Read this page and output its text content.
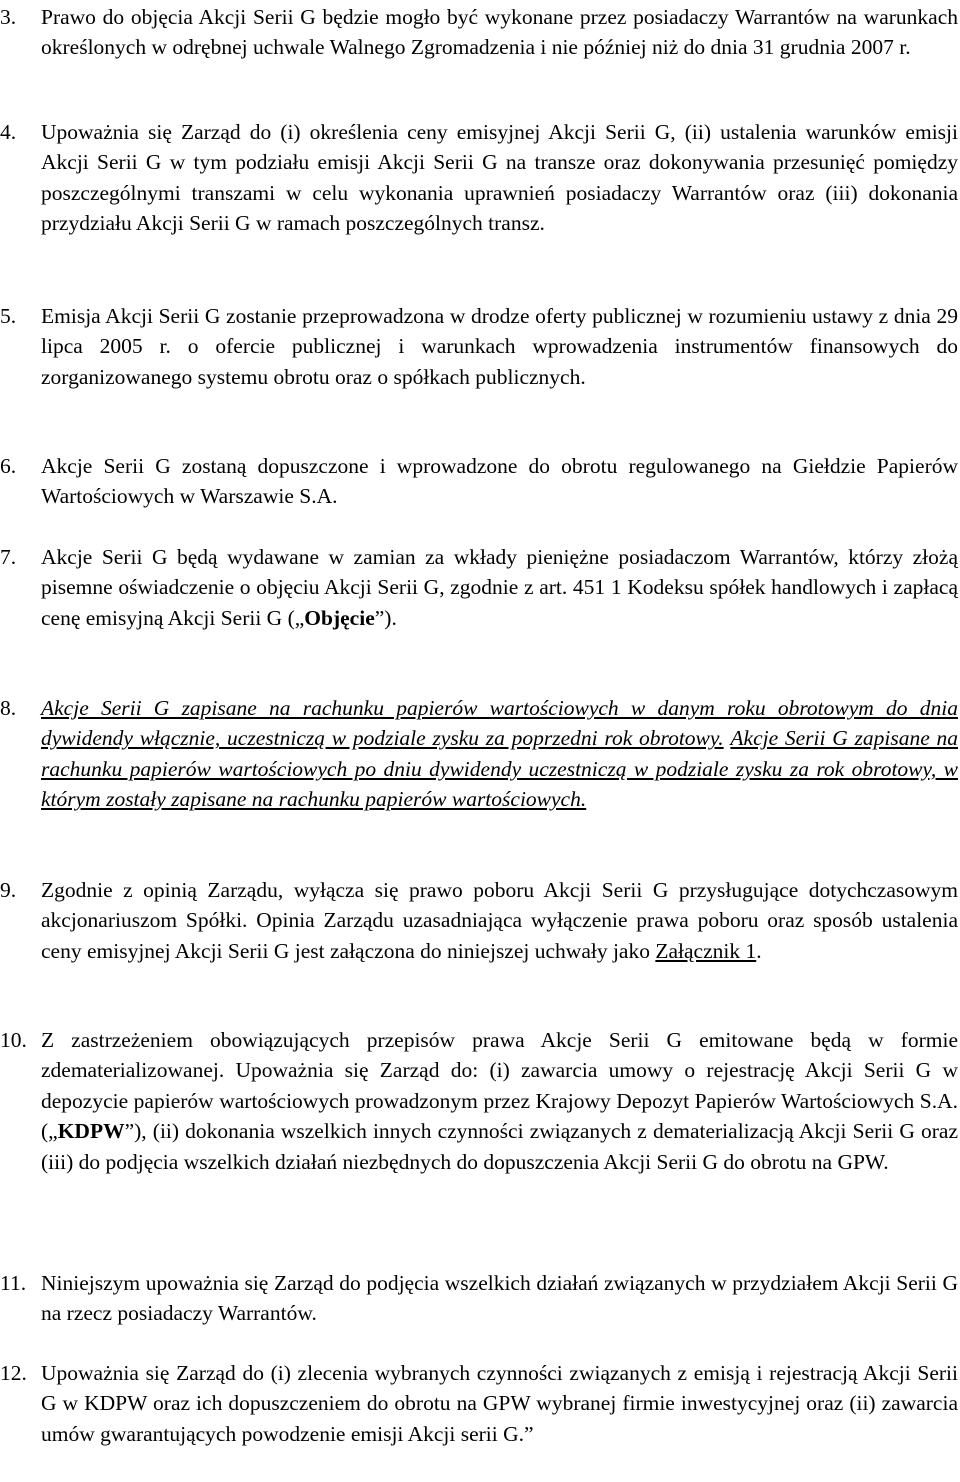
3.	Prawo do objęcia Akcji Serii G będzie mogło być wykonane przez posiadaczy Warrantów na warunkach określonych w odrębnej uchwale Walnego Zgromadzenia i nie później niż do dnia 31 grudnia 2007 r.
4.	Upoważnia się Zarząd do (i) określenia ceny emisyjnej Akcji Serii G, (ii) ustalenia warunków emisji Akcji Serii G w tym podziału emisji Akcji Serii G na transze oraz dokonywania przesunięć pomiędzy poszczególnymi transzami w celu wykonania uprawnień posiadaczy Warrantów oraz (iii) dokonania przydziału Akcji Serii G w ramach poszczególnych transz.
5.	Emisja Akcji Serii G zostanie przeprowadzona w drodze oferty publicznej w rozumieniu ustawy z dnia 29 lipca 2005 r. o ofercie publicznej i warunkach wprowadzenia instrumentów finansowych do zorganizowanego systemu obrotu oraz o spółkach publicznych.
6.	Akcje Serii G zostaną dopuszczone i wprowadzone do obrotu regulowanego na Giełdzie Papierów Wartościowych w Warszawie S.A.
7.	Akcje Serii G będą wydawane w zamian za wkłady pieniężne posiadaczom Warrantów, którzy złożą pisemne oświadczenie o objęciu Akcji Serii G, zgodnie z art. 451 1 Kodeksu spółek handlowych i zapłacą cenę emisyjną Akcji Serii G („Objęcie”).
8.	Akcje Serii G zapisane na rachunku papierów wartościowych w danym roku obrotowym do dnia dywidendy włącznie, uczestniczą w podziale zysku za poprzedni rok obrotowy. Akcje Serii G zapisane na rachunku papierów wartościowych po dniu dywidendy uczestniczą w podziale zysku za rok obrotowy, w którym zostały zapisane na rachunku papierów wartościowych.
9.	Zgodnie z opinią Zarządu, wyłącza się prawo poboru Akcji Serii G przysługujące dotychczasowym akcjonariuszom Spółki. Opinia Zarządu uzasadniająca wyłączenie prawa poboru oraz sposób ustalenia ceny emisyjnej Akcji Serii G jest załączona do niniejszej uchwały jako Załącznik 1.
10. Z zastrzeżeniem obowiązujących przepisów prawa Akcje Serii G emitowane będą w formie zdematerializowanej. Upoważnia się Zarząd do: (i) zawarcia umowy o rejestrację Akcji Serii G w depozycie papierów wartościowych prowadzonym przez Krajowy Depozyt Papierów Wartościowych S.A. („KDPW”), (ii) dokonania wszelkich innych czynności związanych z dematerializacją Akcji Serii G oraz (iii) do podjęcia wszelkich działań niezbędnych do dopuszczenia Akcji Serii G do obrotu na GPW.
11. Niniejszym upoważnia się Zarząd do podjęcia wszelkich działań związanych w przydziałem Akcji Serii G na rzecz posiadaczy Warrantów.
12. Upoważnia się Zarząd do (i) zlecenia wybranych czynności związanych z emisją i rejestracją Akcji Serii G w KDPW oraz ich dopuszczeniem do obrotu na GPW wybranej firmie inwestycyjnej oraz (ii) zawarcia umów gwarantujących powodzenie emisji Akcji serii G.”
